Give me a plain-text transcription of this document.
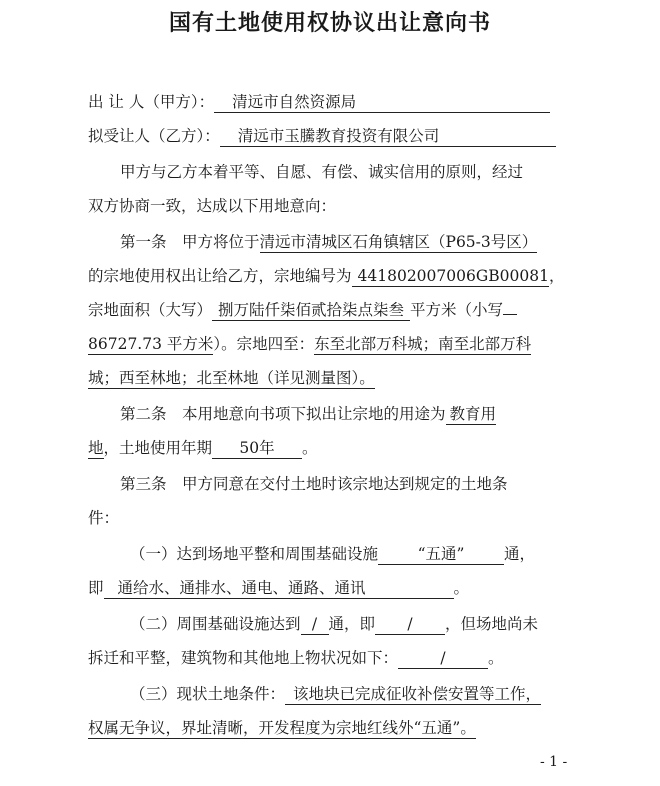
国有土地使用权协议出让意向书
出 让 人（甲方）： 清远市自然资源局
拟受让人（乙方）： 清远市玉騰教育投资有限公司
甲方与乙方本着平等、自愿、有偿、诚实信用的原则，经过
双方协商一致，达成以下用地意向：
第一条　甲方将位于清远市清城区石角镇辖区（P65-3号区）
的宗地使用权出让给乙方，宗地编号为 441802007006GB00081，
宗地面积（大写） 捌万陆仟柒佰贰拾柒点柒叁 平方米（小写
86727.73 平方米）。宗地四至：东至北部万科城；南至北部万科
城；西至林地；北至林地（详见测量图）。
第二条　本用地意向书项下拟出让宗地的用途为 教育用
地，土地使用年期 50年 。
第三条　甲方同意在交付土地时该宗地达到规定的土地条
件：
（一）达到场地平整和周围基础设施	“五通”	通，
即 通给水、通排水、通电、通路、通讯	。
（二）周围基础设施达到 / 通，即 / ，但场地尚未
拆迁和平整，建筑物和其他地上物状况如下：	/	。
（三）现状土地条件： 该地块已完成征收补偿安置等工作，
权属无争议，界址清晰，开发程度为宗地红线外“五通”。
- 1 -
